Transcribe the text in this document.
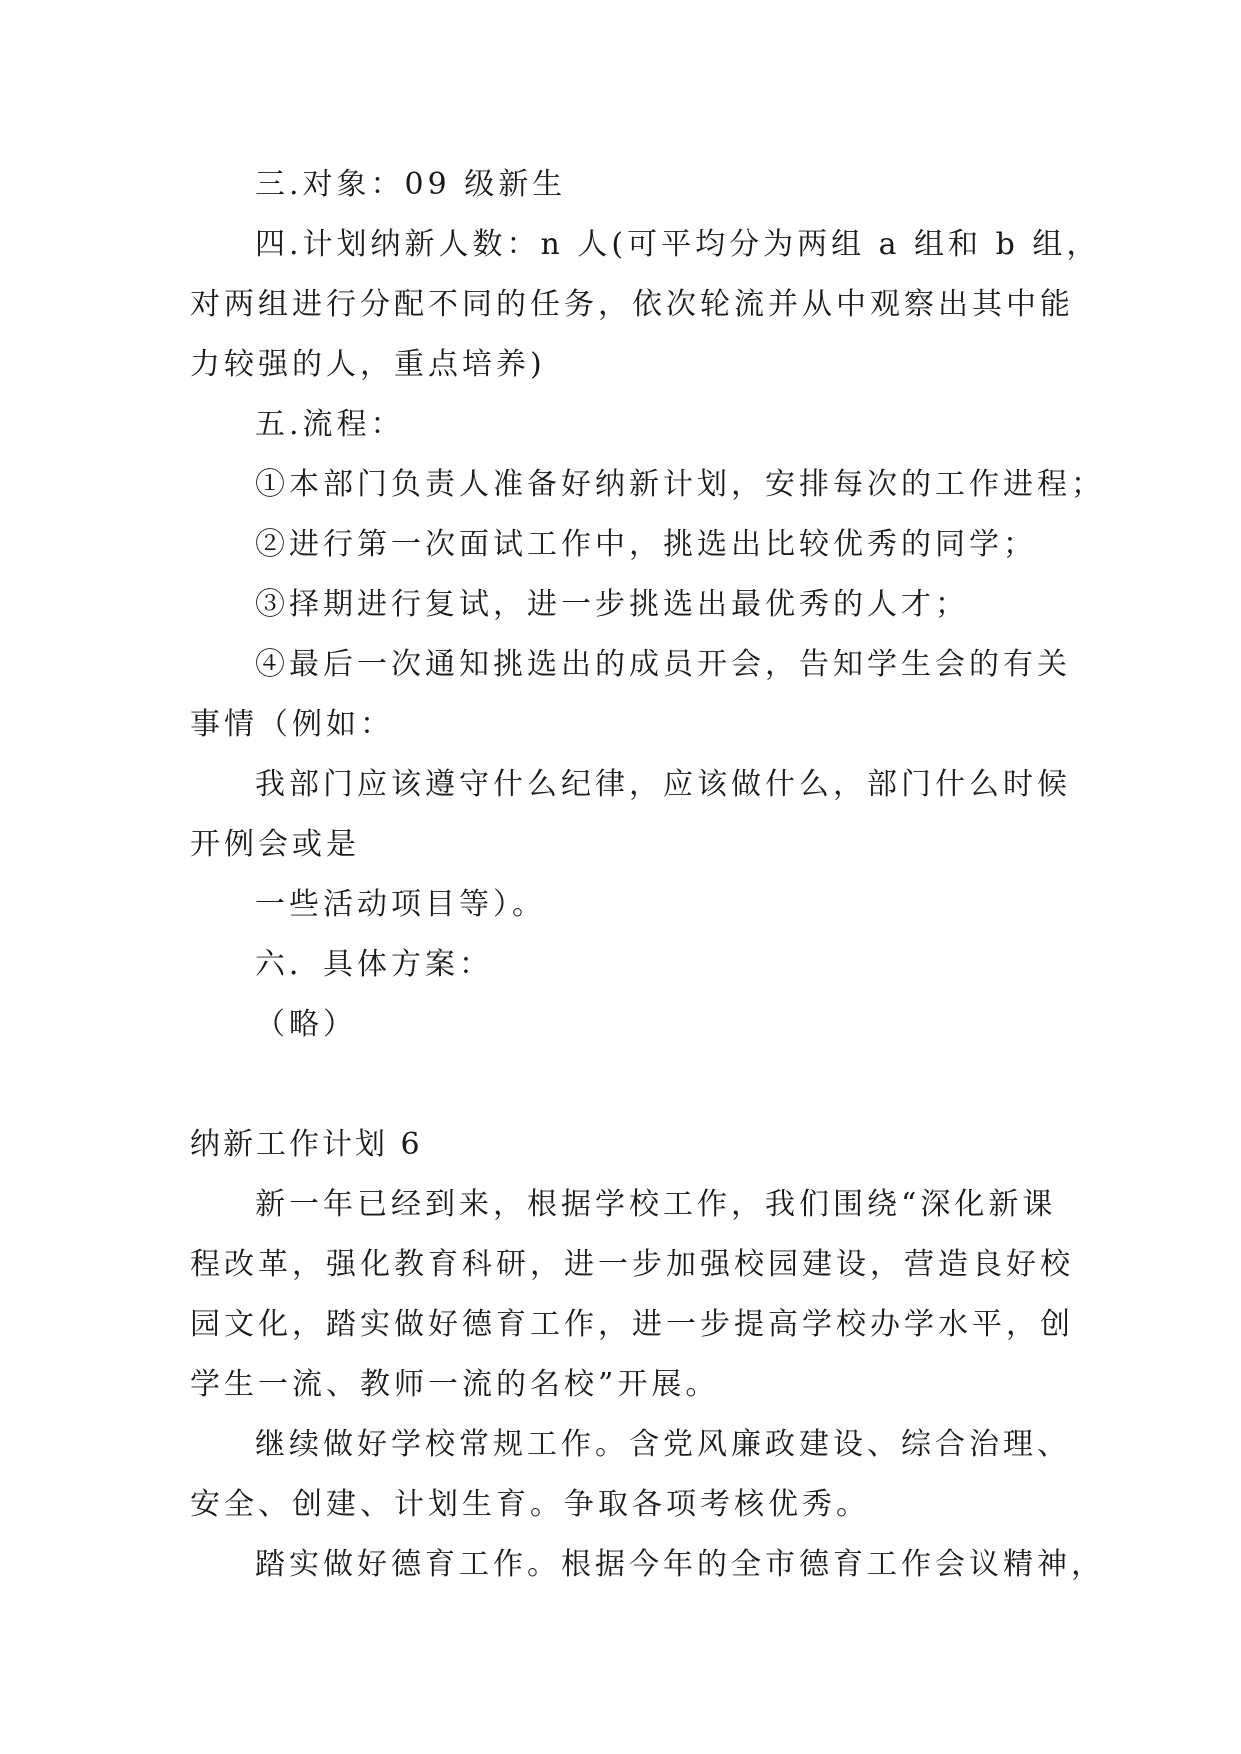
三.对象：09 级新生
四.计划纳新人数：n 人(可平均分为两组 a 组和 b 组，
对两组进行分配不同的任务，依次轮流并从中观察出其中能
力较强的人，重点培养)
五.流程：
①本部门负责人准备好纳新计划，安排每次的工作进程；
②进行第一次面试工作中，挑选出比较优秀的同学；
③择期进行复试，进一步挑选出最优秀的人才；
④最后一次通知挑选出的成员开会，告知学生会的有关
事情（例如：
我部门应该遵守什么纪律，应该做什么，部门什么时候
开例会或是
一些活动项目等）。
六．具体方案：
（略）
纳新工作计划 6
新一年已经到来，根据学校工作，我们围绕“深化新课
程改革，强化教育科研，进一步加强校园建设，营造良好校
园文化，踏实做好德育工作，进一步提高学校办学水平，创
学生一流、教师一流的名校”开展。
继续做好学校常规工作。含党风廉政建设、综合治理、
安全、创建、计划生育。争取各项考核优秀。
踏实做好德育工作。根据今年的全市德育工作会议精神，
